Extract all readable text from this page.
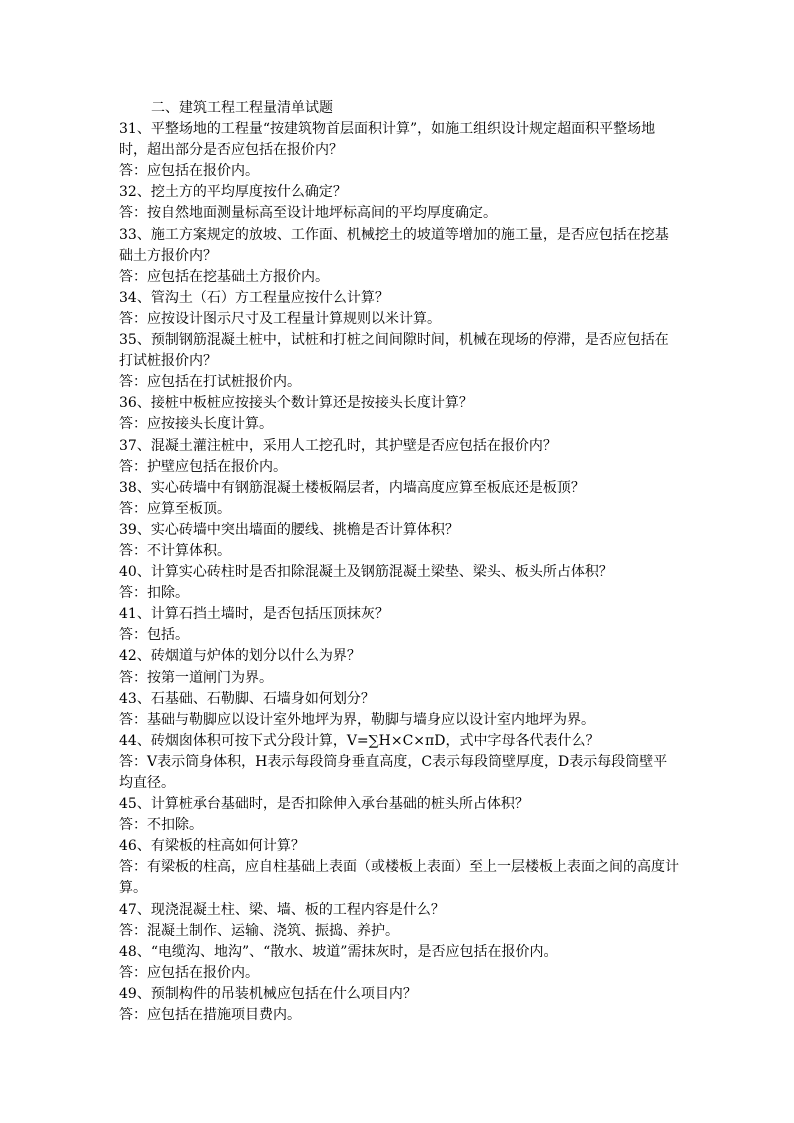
二、建筑工程工程量清单试题
31、平整场地的工程量“按建筑物首层面积计算”，如施工组织设计规定超面积平整场地时，超出部分是否应包括在报价内？
答：应包括在报价内。
32、挖土方的平均厚度按什么确定？
答：按自然地面测量标高至设计地坪标高间的平均厚度确定。
33、施工方案规定的放坡、工作面、机械挖土的坡道等增加的施工量，是否应包括在挖基础土方报价内？
答：应包括在挖基础土方报价内。
34、管沟土（石）方工程量应按什么计算？
答：应按设计图示尺寸及工程量计算规则以米计算。
35、预制钢筋混凝土桩中，试桩和打桩之间间隙时间，机械在现场的停滞，是否应包括在打试桩报价内？
答：应包括在打试桩报价内。
36、接桩中板桩应按接头个数计算还是按接头长度计算？
答：应按接头长度计算。
37、混凝土灌注桩中，采用人工挖孔时，其护壁是否应包括在报价内？
答：护壁应包括在报价内。
38、实心砖墙中有钢筋混凝土楼板隔层者，内墙高度应算至板底还是板顶？
答：应算至板顶。
39、实心砖墙中突出墙面的腰线、挑檐是否计算体积？
答：不计算体积。
40、计算实心砖柱时是否扣除混凝土及钢筋混凝土梁垫、梁头、板头所占体积？
答：扣除。
41、计算石挡土墙时，是否包括压顶抹灰？
答：包括。
42、砖烟道与炉体的划分以什么为界？
答：按第一道闸门为界。
43、石基础、石勒脚、石墙身如何划分？
答：基础与勒脚应以设计室外地坪为界，勒脚与墙身应以设计室内地坪为界。
44、砖烟囱体积可按下式分段计算，V=∑H×C×πD，式中字母各代表什么？
答：V表示筒身体积，H表示每段筒身垂直高度，C表示每段筒壁厚度，D表示每段筒壁平均直径。
45、计算桩承台基础时，是否扣除伸入承台基础的桩头所占体积？
答：不扣除。
46、有梁板的柱高如何计算？
答：有梁板的柱高，应自柱基础上表面（或楼板上表面）至上一层楼板上表面之间的高度计算。
47、现浇混凝土柱、梁、墙、板的工程内容是什么？
答：混凝土制作、运输、浇筑、振捣、养护。
48、“电缆沟、地沟”、“散水、坡道”需抹灰时，是否应包括在报价内。
答：应包括在报价内。
49、预制构件的吊装机械应包括在什么项目内？
答：应包括在措施项目费内。
